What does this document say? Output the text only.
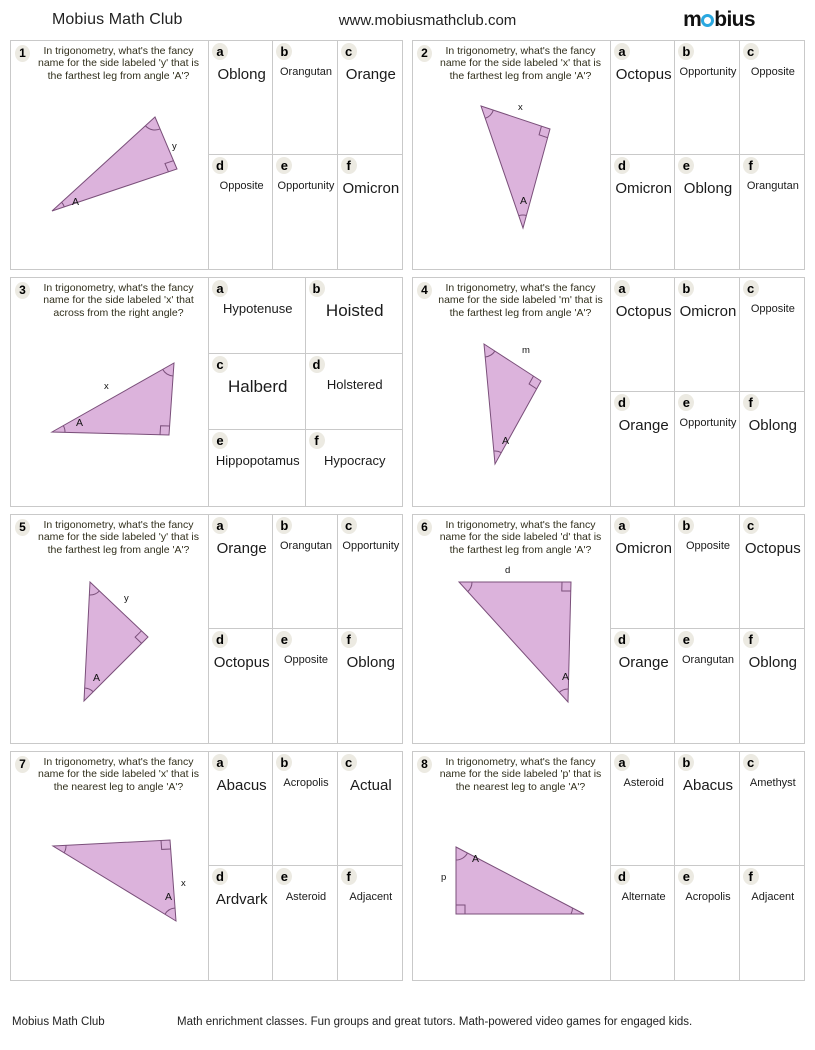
Mobius Math Club	www.mobiusmathclub.com	m bius
1	In trigonometry, what's the fancy name for the side labeled 'y' that is the farthest leg from angle 'A'?
y
A
a
Oblong
b
Orangutan
c
Orange
d
Opposite
e
Opportunity
f
Omicron
2	In trigonometry, what's the fancy name for the side labeled 'x' that is the farthest leg from angle 'A'?
x
A
a
Octopus
b
Opportunity
c
Opposite
d
Omicron
e
Oblong
f
Orangutan
3	In trigonometry, what's the fancy name for the side labeled 'x' that across from the right angle?
x
A
a
Hypotenuse
b
Hoisted
c
Halberd
d
Holstered
e
Hippopotamus
f
Hypocracy
4	In trigonometry, what's the fancy name for the side labeled 'm' that is the farthest leg from angle 'A'?
m
A
a
Octopus
b
Omicron
c
Opposite
d
Orange
e
Opportunity
f
Oblong
5	In trigonometry, what's the fancy name for the side labeled 'y' that is the farthest leg from angle 'A'?
y
A
a
Orange
b
Orangutan
c
Opportunity
d
Octopus
e
Opposite
f
Oblong
6	In trigonometry, what's the fancy name for the side labeled 'd' that is the farthest leg from angle 'A'?
d
A
a
Omicron
b
Opposite
c
Octopus
d
Orange
e
Orangutan
f
Oblong
7	In trigonometry, what's the fancy name for the side labeled 'x' that is the nearest leg to angle 'A'?
x
A
a
Abacus
b
Acropolis
c
Actual
d
Ardvark
e
Asteroid
f
Adjacent
8	In trigonometry, what's the fancy name for the side labeled 'p' that is the nearest leg to angle 'A'?
p
A
a
Asteroid
b
Abacus
c
Amethyst
d
Alternate
e
Acropolis
f
Adjacent
Mobius Math Club	Math enrichment classes. Fun groups and great tutors. Math-powered video games for engaged kids.
